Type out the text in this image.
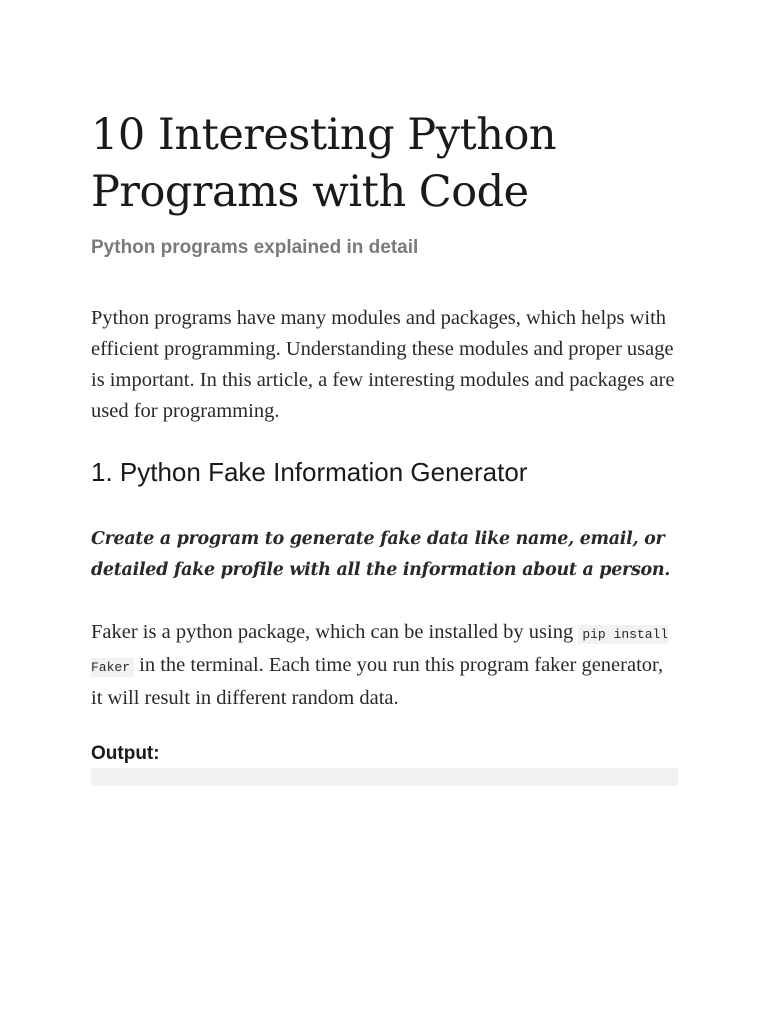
10 Interesting Python Programs with Code
Python programs explained in detail

Python programs have many modules and packages, which helps with efficient programming. Understanding these modules and proper usage is important. In this article, a few interesting modules and packages are used for programming.

1. Python Fake Information Generator

Create a program to generate fake data like name, email, or detailed fake profile with all the information about a person.

Faker is a python package, which can be installed by using pip install Faker in the terminal. Each time you run this program faker generator, it will result in different random data.

Output:
